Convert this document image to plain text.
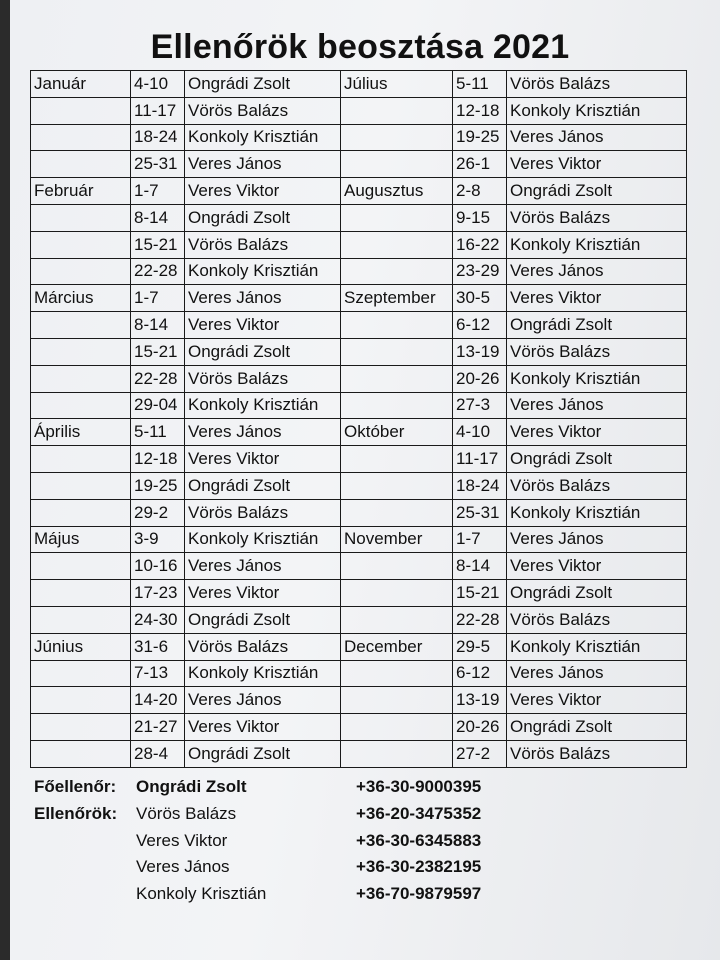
Ellenőrök beosztása 2021
Január	4-10	Ongrádi Zsolt	Július	5-11	Vörös Balázs
	11-17	Vörös Balázs		12-18	Konkoly Krisztián
	18-24	Konkoly Krisztián		19-25	Veres János
	25-31	Veres János		26-1	Veres Viktor
Február	1-7	Veres Viktor	Augusztus	2-8	Ongrádi Zsolt
	8-14	Ongrádi Zsolt		9-15	Vörös Balázs
	15-21	Vörös Balázs		16-22	Konkoly Krisztián
	22-28	Konkoly Krisztián		23-29	Veres János
Március	1-7	Veres János	Szeptember	30-5	Veres Viktor
	8-14	Veres Viktor		6-12	Ongrádi Zsolt
	15-21	Ongrádi Zsolt		13-19	Vörös Balázs
	22-28	Vörös Balázs		20-26	Konkoly Krisztián
	29-04	Konkoly Krisztián		27-3	Veres János
Április	5-11	Veres János	Október	4-10	Veres Viktor
	12-18	Veres Viktor		11-17	Ongrádi Zsolt
	19-25	Ongrádi Zsolt		18-24	Vörös Balázs
	29-2	Vörös Balázs		25-31	Konkoly Krisztián
Május	3-9	Konkoly Krisztián	November	1-7	Veres János
	10-16	Veres János		8-14	Veres Viktor
	17-23	Veres Viktor		15-21	Ongrádi Zsolt
	24-30	Ongrádi Zsolt		22-28	Vörös Balázs
Június	31-6	Vörös Balázs	December	29-5	Konkoly Krisztián
	7-13	Konkoly Krisztián		6-12	Veres János
	14-20	Veres János		13-19	Veres Viktor
	21-27	Veres Viktor		20-26	Ongrádi Zsolt
	28-4	Ongrádi Zsolt		27-2	Vörös Balázs
Főellenőr: Ongrádi Zsolt	+36-30-9000395
Ellenőrök: Vörös Balázs	+36-20-3475352
Veres Viktor	+36-30-6345883
Veres János	+36-30-2382195
Konkoly Krisztián	+36-70-9879597
